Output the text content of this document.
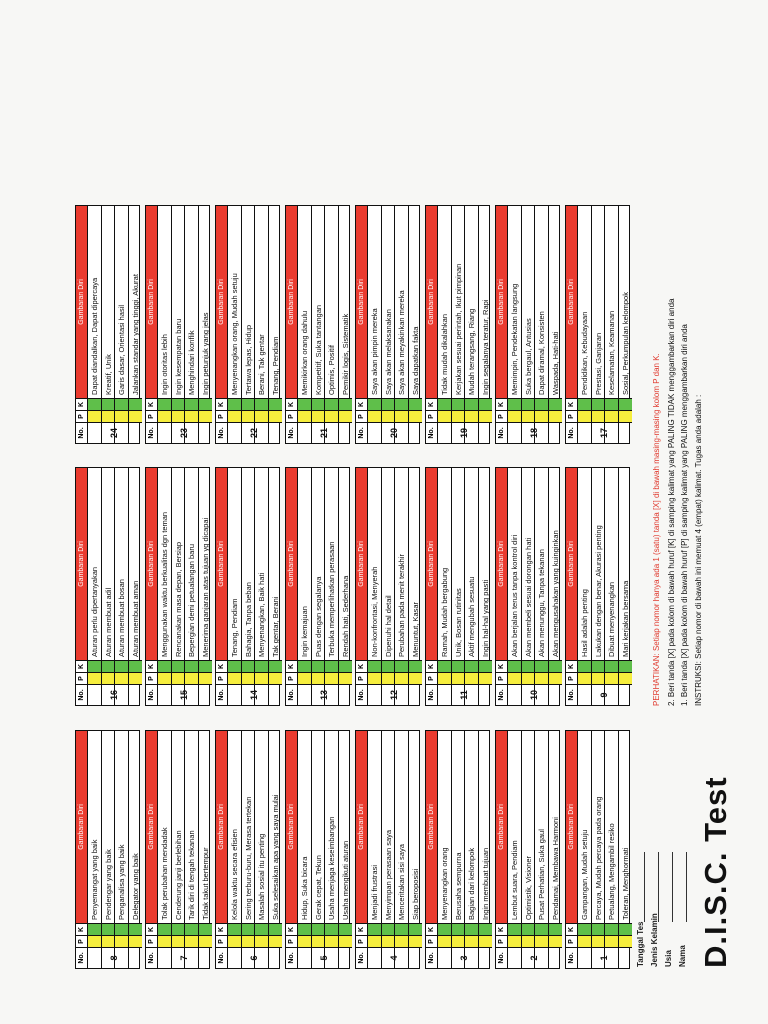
D.I.S.C. Test
Nama
Usia
Jenis Kelamin
Tanggal Tes
INSTRUKSI: Setiap nomor di bawah ini memuat 4 (empat) kalimat. Tugas anda adalah :
1. Beri tanda [X] pada kolom di bawah huruf [P] di samping kalimat yang PALING menggambarkan diri anda
2. Beri tanda [X] pada kolom di bawah huruf [K] di samping kalimat yang PALING TIDAK menggambarkan diri anda
PERHATIKAN: Setiap nomor hanya ada 1 (satu) tanda [X] di bawah masing-masing kolom P dan K.
No.
P
K
Gambaran Diri
Gampangan, Mudah setuju Percaya, Mudah percaya pada orang Petualang, Mengambil resiko Toleran, Menghormati
1
No.
P
K
Gambaran Diri
Lembut suara, Pendiam Optimistik, Visioner Pusat Perhatian, Suka gaul Pendamai, Membawa Harmoni
2
No.
P
K
Gambaran Diri
Menyenangkan orang Berusaha sempurna Bagian dari kelompok Ingin membuat tujuan
3
No.
P
K
Gambaran Diri
Menjadi frustrasi Menyimpan perasaan saya Menceritakan sisi saya Siap beroposisi
4
No.
P
K
Gambaran Diri
Hidup, Suka bicara Gerak cepat, Tekun Usaha menjaga keseimbangan Usaha mengikuti aturan
5
No.
P
K
Gambaran Diri
Kelola waktu secara efisien Sering terburu-buru, Merasa tertekan Masalah sosial itu penting Suka selesaikan apa yang saya mulai
6
No.
P
K
Gambaran Diri
Tolak perubahan mendadak Cenderung janji berlebihan Tarik diri di tengah tekanan Tidak takut bertempur
7
No.
P
K
Gambaran Diri
Penyemangat yang baik Pendengar yang baik Penganalisa yang baik Delegator yang baik
8
No.
P
K
Gambaran Diri
Hasil adalah penting Lakukan dengan benar, Akurasi penting Dibuat menyenangkan Mari kerjakan bersama
9
No.
P
K
Gambaran Diri Akan berjalan terus tanpa kontrol diri Akan membeli sesuai dorongan hati Akan menunggu, Tanpa tekanan Akan mengusahakan yang kuinginkan
10
No.
P
K
Gambaran Diri
Ramah, Mudah bergabung Unik, Bosan rutinitas Aktif mengubah sesuatu Ingin hal-hal yang pasti
11
No.
P
K
Gambaran Diri
Non-konfrontasi, Menyerah Dipenuhi hal detail Perubahan pada menit terakhir Menuntut, Kasar
12
No.
P
K
Gambaran Diri
Ingin kemajuan Puas dengan segalanya Terbuka memperlihatkan perasaan Rendah hati, Sederhana
13
No.
P
K
Gambaran Diri
Tenang, Pendiam Bahagia, Tanpa beban Menyenangkan, Baik hati Tak gentar, Berani
14
No.
P
K
Gambaran Diri Menggunakan waktu berkualitas dgn teman Rencanakan masa depan, Bersiap Bepergian demi petualangan baru Menerima ganjaran atas tujuan yg dicapai
15
No.
P
K
Gambaran Diri
Aturan perlu dipertanyakan Aturan membuat adil Aturan membuat bosan Aturan membuat aman
16
No.
P
K
Gambaran Diri
Pendidikan, Kebudayaan Prestasi, Ganjaran Keselamatan, Keamanan Sosial, Perkumpulan kelompok
17
No.
P
K
Gambaran Diri Memimpin, Pendekatan langsung Suka bergaul, Antusias Dapat diramal, Konsisten Waspada, Hati-hati
18
No.
P
K
Gambaran Diri
Tidak mudah dikalahkan Kerjakan sesuai perintah, Ikut pimpinan Mudah terangsang, Riang Ingin segalanya teratur, Rapi
19
No.
P
K
Gambaran Diri
Saya akan pimpin mereka Saya akan melaksanakan Saya akan meyakinkan mereka Saya dapatkan fakta
20
No.
P
K
Gambaran Diri
Memikirkan orang dahulu Kompetitif, Suka tantangan Optimis, Positif Pemikir logis, Sistematik
21
No.
P
K
Gambaran Diri Menyenangkan orang, Mudah setuju Tertawa lepas, Hidup Berani, Tak gentar Tenang, Pendiam
22
No.
P
K
Gambaran Diri
Ingin otoritas lebih Ingin kesempatan baru Menghindari konflik Ingin petunjuk yang jelas
23
No.
P
K
Gambaran Diri Dapat diandalkan, Dapat dipercaya Kreatif, Unik Garis dasar, Orientasi hasil Jalankan standar yang tinggi, Akurat
24
